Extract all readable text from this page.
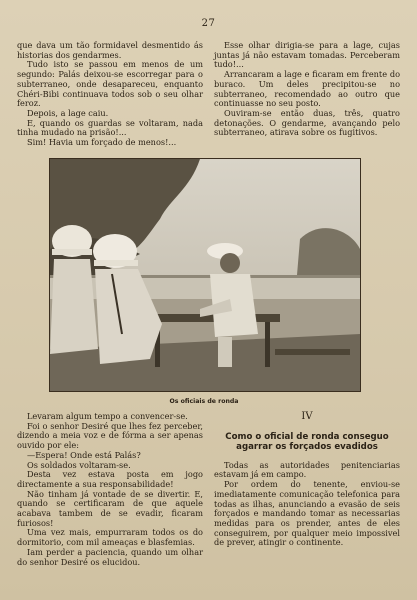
27

que dava um tão formidavel desmentido ás historias dos gendarmes.

Tudo isto se passou em menos de um segundo: Palás deixou-se escorregar para o subterraneo, onde desapareceu, enquanto Chéri-Bibi continuava todos sob o seu olhar feroz.

Depois, a lage caiu.

E, quando os guardas se voltaram, nada tinha mudado na prisão!...

Sim! Havia um forçado de menos!...

Esse olhar dirigia-se para a lage, cujas juntas já não estavam tomadas. Perceberam tudo!...

Arrancaram a lage e ficaram em frente do buraco. Um deles precipitou-se no subterraneo, recomendado ao outro que continuasse no seu posto.

Ouviram-se então duas, três, quatro detonações. O gendarme, avançando pelo subterraneo, atirava sobre os fugitivos.

Os oficiais de ronda

Levaram algum tempo a convencer-se.

Foi o senhor Desiré que lhes fez perceber, dizendo a meia voz e de fórma a ser apenas ouvido por ele:

—Espera! Onde está Palás?

Os soldados voltaram-se.

Desta vez estava posta em jogo directamente a sua responsabilidade!

Não tinham já vontade de se divertir. E, quando se certificaram de que aquele acabava tambem de se evadir, ficaram furiosos!

Uma vez mais, empurraram todos os do dormitorio, com mil ameaças e blasfemias.

Iam perder a paciencia, quando um olhar do senhor Desiré os elucidou.

IV
Como o oficial de ronda conseguo agarrar os forçados evadidos

Todas as autoridades penitenciarias estavam já em campo.

Por ordem do tenente, enviou-se imediatamente comunicação telefonica para todas as ilhas, anunciando a evasão de seis forçados e mandando tomar as necessarias medidas para os prender, antes de eles conseguirem, por qualquer meio impossivel de prever, atingir o continente.
